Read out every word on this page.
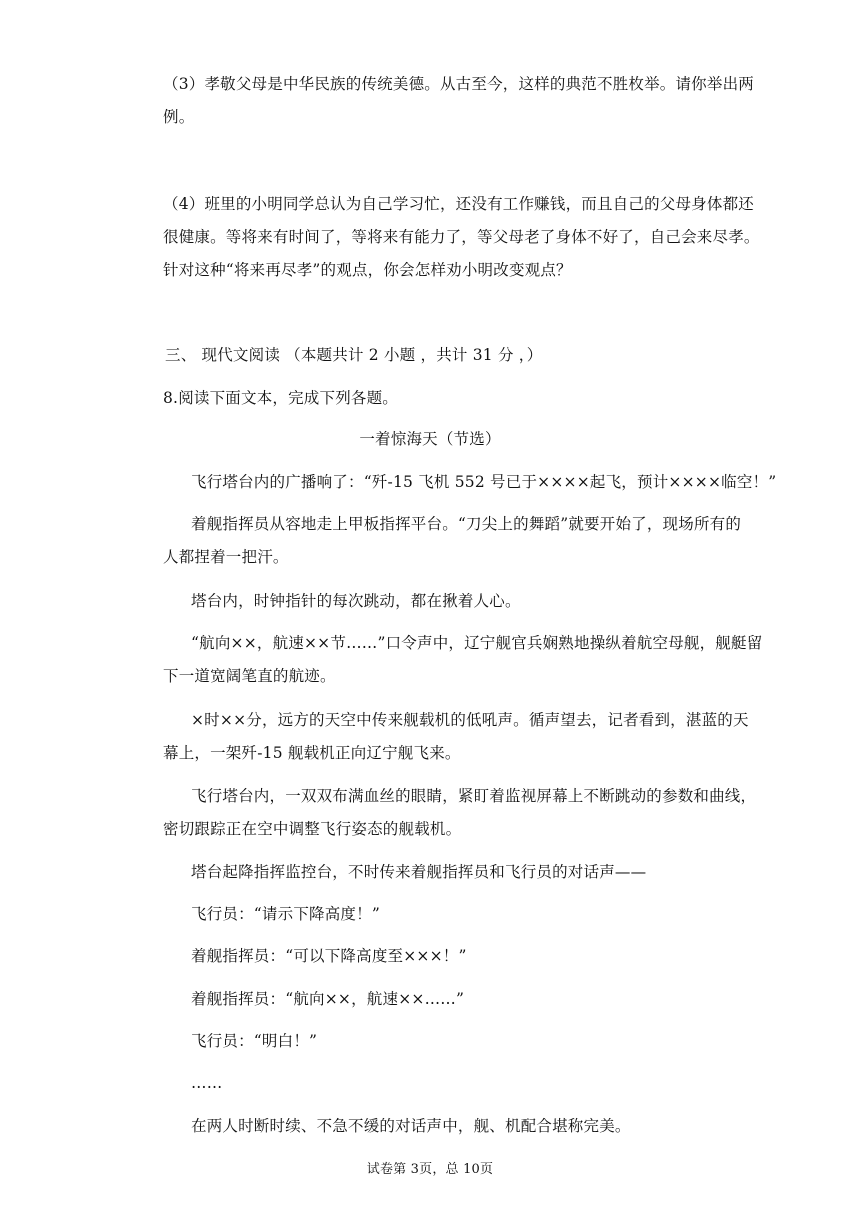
（3）孝敬父母是中华民族的传统美德。从古至今，这样的典范不胜枚举。请你举出两
例。
（4）班里的小明同学总认为自己学习忙，还没有工作赚钱，而且自己的父母身体都还
很健康。等将来有时间了，等将来有能力了，等父母老了身体不好了，自己会来尽孝。
针对这种“将来再尽孝”的观点，你会怎样劝小明改变观点？
三、 现代文阅读 （本题共计 2 小题 ，共计 31 分 ，）
8.阅读下面文本，完成下列各题。
一着惊海天（节选）
飞行塔台内的广播响了：“歼-15 飞机 552 号已于××××起飞，预计××××临空！”
着舰指挥员从容地走上甲板指挥平台。“刀尖上的舞蹈”就要开始了，现场所有的
人都捏着一把汗。
塔台内，时钟指针的每次跳动，都在揪着人心。
“航向××，航速××节……”口令声中，辽宁舰官兵娴熟地操纵着航空母舰，舰艇留
下一道宽阔笔直的航迹。
×时××分，远方的天空中传来舰载机的低吼声。循声望去，记者看到，湛蓝的天
幕上，一架歼-15 舰载机正向辽宁舰飞来。
飞行塔台内，一双双布满血丝的眼睛，紧盯着监视屏幕上不断跳动的参数和曲线，
密切跟踪正在空中调整飞行姿态的舰载机。
塔台起降指挥监控台，不时传来着舰指挥员和飞行员的对话声——
飞行员：“请示下降高度！”
着舰指挥员：“可以下降高度至×××！”
着舰指挥员：“航向××，航速××……”
飞行员：“明白！”
……
在两人时断时续、不急不缓的对话声中，舰、机配合堪称完美。
试卷第 3页，总 10页
